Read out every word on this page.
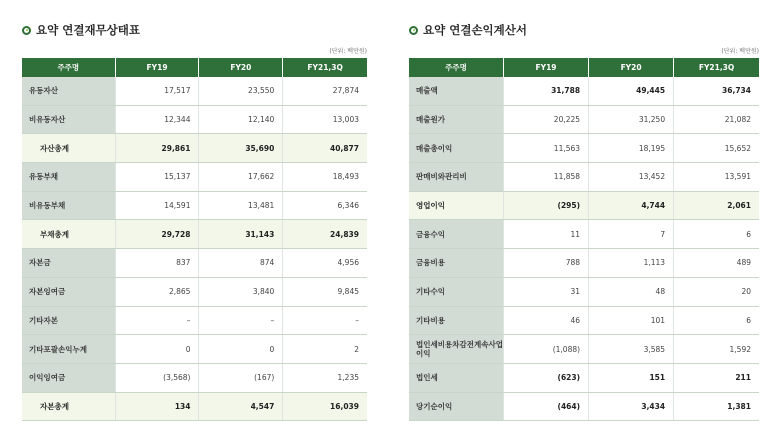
요약 연결재무상태표
(단위: 백만원)
주주명	FY19	FY20	FY21,3Q
유동자산	17,517	23,550	27,874
비유동자산	12,344	12,140	13,003
자산총계	29,861	35,690	40,877
유동부채	15,137	17,662	18,493
비유동부채	14,591	13,481	6,346
부채총계	29,728	31,143	24,839
자본금	837	874	4,956
자본잉여금	2,865	3,840	9,845
기타자본	–	–	–
기타포괄손익누계	0	0	2
이익잉여금	(3,568)	(167)	1,235
자본총계	134	4,547	16,039
요약 연결손익계산서
(단위: 백만원)
주주명	FY19	FY20	FY21,3Q
매출액	31,788	49,445	36,734
매출원가	20,225	31,250	21,082
매출총이익	11,563	18,195	15,652
판매비와관리비	11,858	13,452	13,591
영업이익	(295)	4,744	2,061
금융수익	11	7	6
금융비용	788	1,113	489
기타수익	31	48	20
기타비용	46	101	6
법인세비용차감전계속사업이익	(1,088)	3,585	1,592
법인세	(623)	151	211
당기순이익	(464)	3,434	1,381
